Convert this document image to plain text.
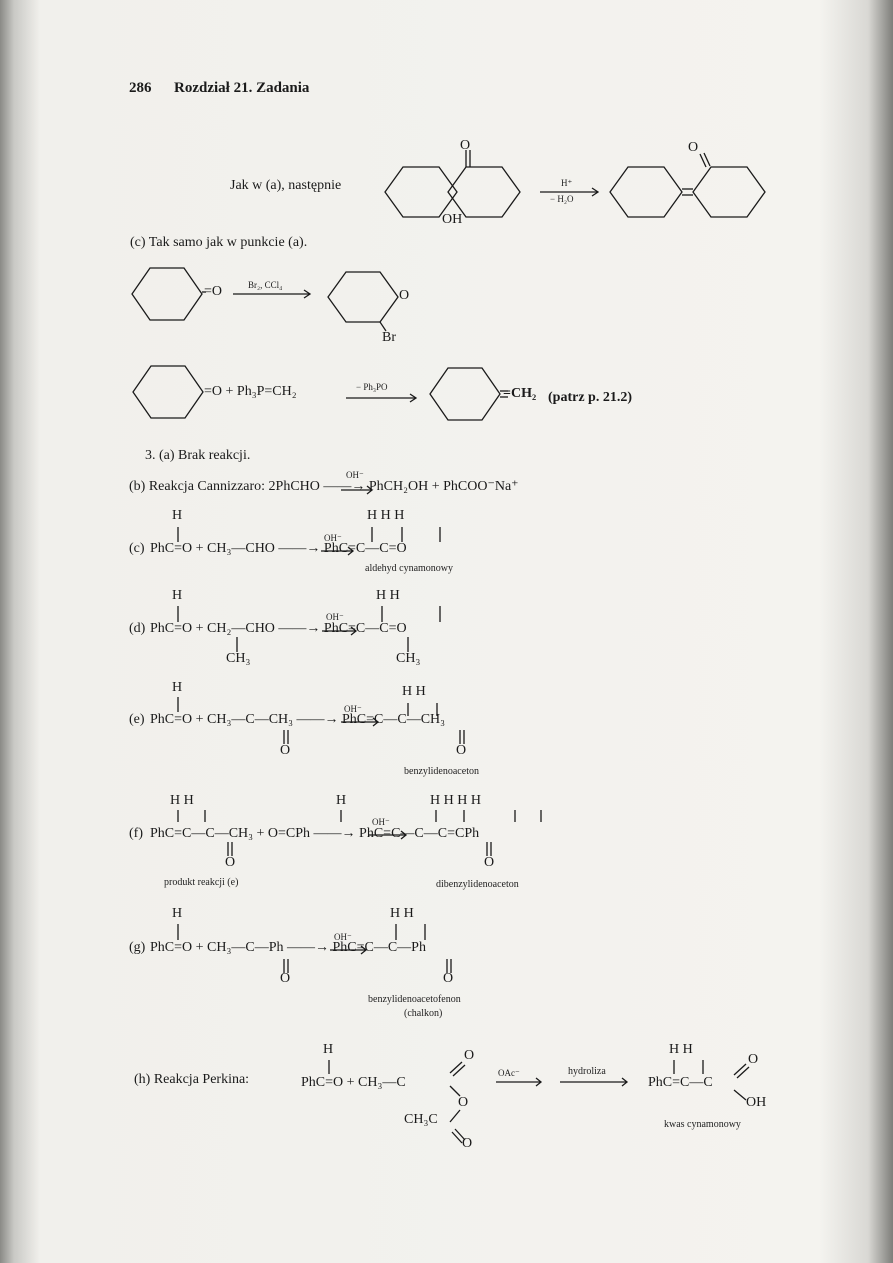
286 Rozdział 21. Zadania
Jak w (a), następnie
O
OH
H⁺
− H₂O
O
(c) Tak samo jak w punkcie (a).
=O	Br₂, CCl₄
O
Br
=O + Ph₃P=CH₂	− Ph₃PO	=CH₂ (patrz p. 21.2)
3. (a) Brak reakcji.
(b) Reakcja Cannizzaro: 2PhCHO ——→ PhCH₂OH + PhCOO⁻Na⁺
OH⁻
H	H H H
(c) PhC=O + CH₃—CHO ——→ PhC=C—C=O
OH⁻
aldehyd cynamonowy
H	H H
(d) PhC=O + CH₂—CHO ——→ PhC=C—C=O
OH⁻
CH₃	CH₃
H	H H
(e) PhC=O + CH₃—C—CH₃ ——→ PhC=C—C—CH₃
OH⁻
O	O
benzylidenoaceton
H H	H	H H H H
(f) PhC=C—C—CH₃ + O=CPh ——→ PhC=C—C—C=CPh
OH⁻
O	O
produkt reakcji (e)	dibenzylidenoaceton
H	H H
(g) PhC=O + CH₃—C—Ph ——→ PhC=C—C—Ph
OH⁻
O	O
benzylidenoacetofenon
(chalkon)
H	O
(h) Reakcja Perkina:	PhC=O + CH₃—C
O
CH₃C
O
OAc⁻	hydroliza
H H
PhC=C—C
O
OH
kwas cynamonowy
